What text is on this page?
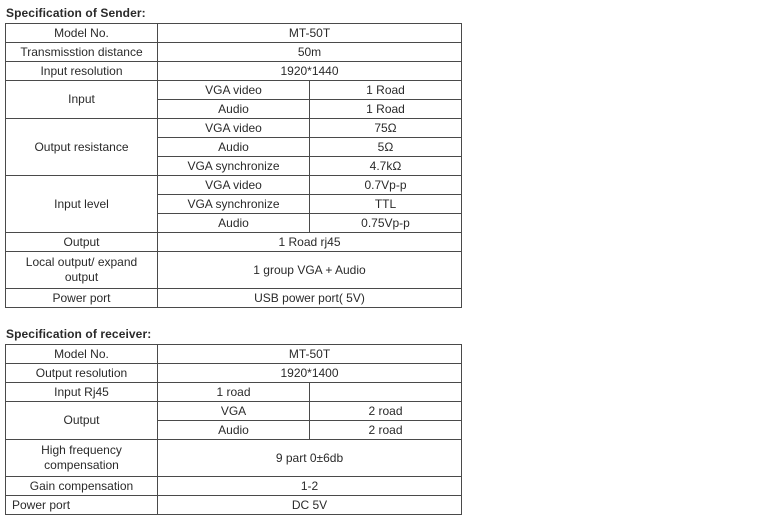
Specification of Sender:
Model No.	MT-50T	
Transmisstion distance	50m	
Input resolution	1920*1440	
Input	VGA video	1 Road
	Audio	1 Road
Output resistance	VGA video	75Ω
	Audio	5Ω
	VGA synchronize	4.7kΩ
Input level	VGA video	0.7Vp-p
	VGA synchronize	TTL
	Audio	0.75Vp-p
Output	1 Road rj45	
Local output/ expand
output	1 group VGA + Audio	
Power port	USB power port( 5V)	
Specification of receiver:
Model No.	MT-50T	
Output resolution	1920*1400	
Input Rj45	1 road	
Output	VGA	2 road
	Audio	2 road
High frequency
compensation	9 part 0±6db	
Gain compensation	1-2	
Power port	DC 5V	
